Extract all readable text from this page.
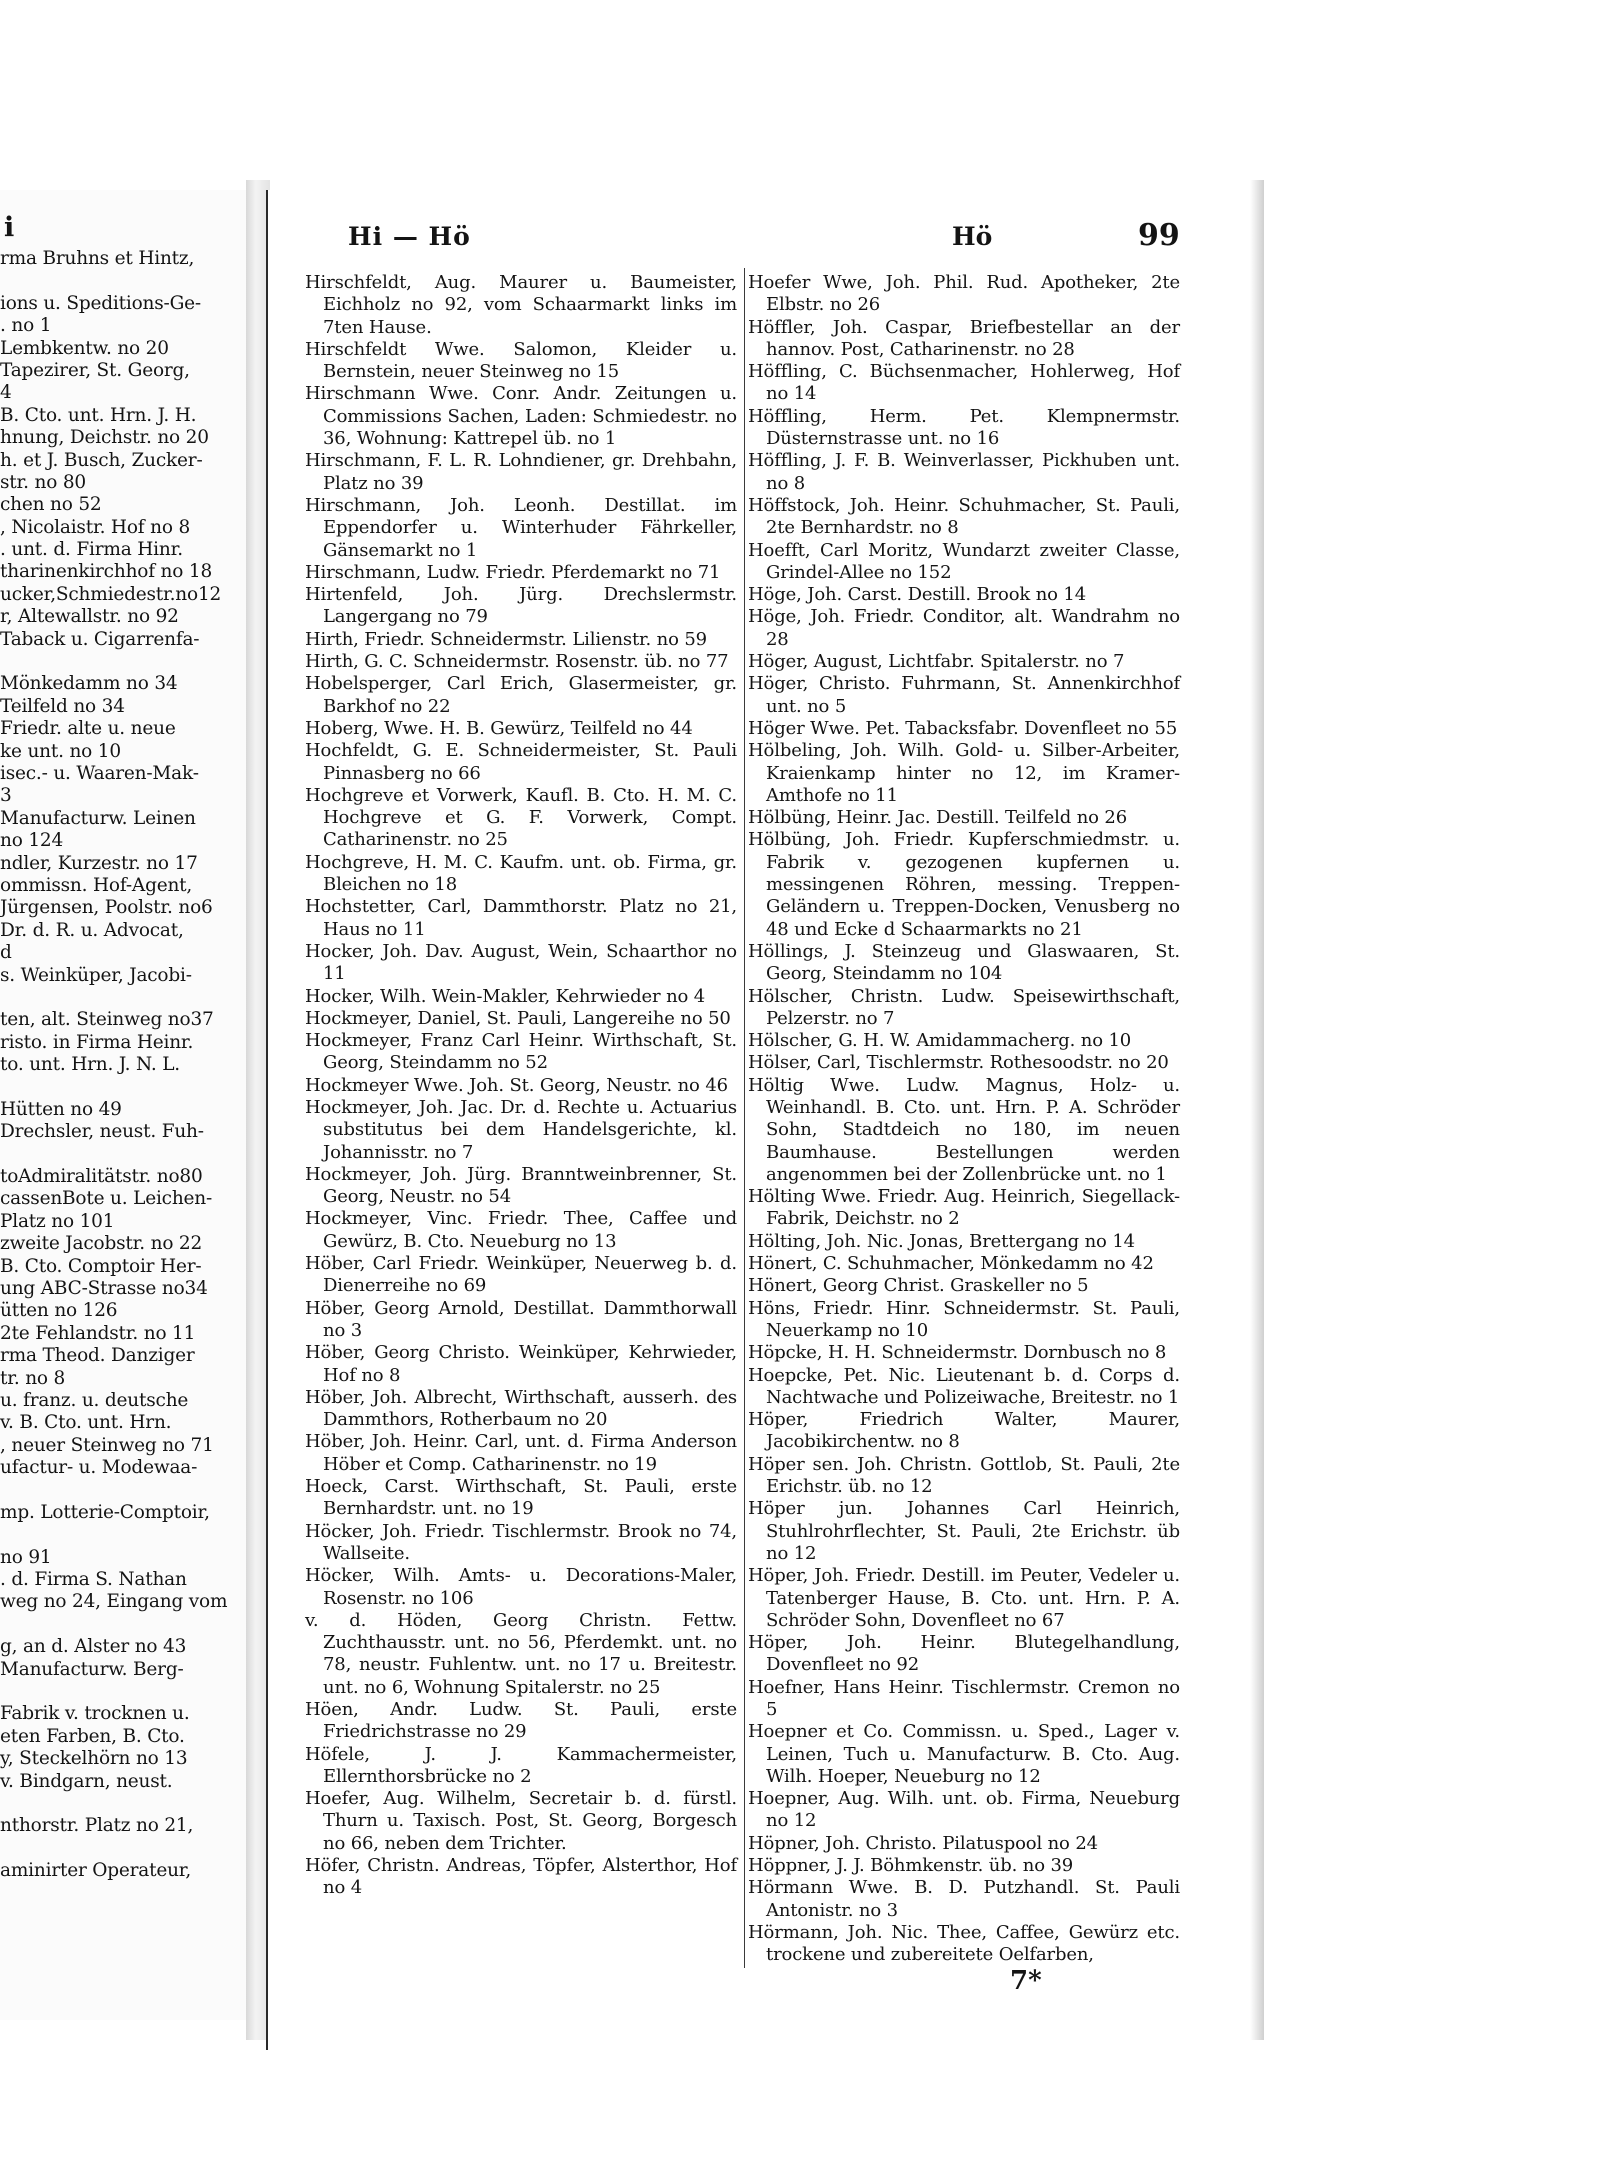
i

rma Bruhns et Hintz,
ions u. Speditions-Ge-
. no 1
Lembkentw. no 20
Tapezirer, St. Georg,
4
B. Cto. unt. Hrn. J. H.
hnung, Deichstr. no 20
h. et J. Busch, Zucker-
str. no 80
chen no 52
, Nicolaistr. Hof no 8
. unt. d. Firma Hinr.
tharinenkirchhof no 18
ucker,Schmiedestr.no12
r, Altewallstr. no 92
Taback u. Cigarrenfa-
Mönkedamm no 34
Teilfeld no 34
Friedr. alte u. neue
ke unt. no 10
isec.- u. Waaren-Mak-
3
Manufacturw. Leinen
no 124
ndler, Kurzestr. no 17
ommissn. Hof-Agent,
Jürgensen, Poolstr. no6
Dr. d. R. u. Advocat,
d
s. Weinküper, Jacobi-
ten, alt. Steinweg no37
risto. in Firma Heinr.
to. unt. Hrn. J. N. L.
Hütten no 49
Drechsler, neust. Fuh-
toAdmiralitätstr. no80
cassenBote u. Leichen-
Platz no 101
zweite Jacobstr. no 22
B. Cto. Comptoir Her-
ung ABC-Strasse no34
ütten no 126
2te Fehlandstr. no 11
rma Theod. Danziger
tr. no 8
u. franz. u. deutsche
v. B. Cto. unt. Hrn.
, neuer Steinweg no 71
ufactur- u. Modewaa-
mp. Lotterie-Comptoir,
no 91
. d. Firma S. Nathan
weg no 24, Eingang vom
g, an d. Alster no 43
Manufacturw. Berg-
Fabrik v. trocknen u.
eten Farben, B. Cto.
y, Steckelhörn no 13
v. Bindgarn, neust.
nthorstr. Platz no 21,
aminirter Operateur,

Hi — Hö	Hö	99

Hirschfeldt, Aug. Maurer u. Baumeister, Eichholz no 92, vom Schaarmarkt links im 7ten Hause.

Hirschfeldt Wwe. Salomon, Kleider u. Bernstein, neuer Steinweg no 15

Hirschmann Wwe. Conr. Andr. Zeitungen u. Commissions Sachen, Laden: Schmiedestr. no 36, Wohnung: Kattrepel üb. no 1

Hirschmann, F. L. R. Lohndiener, gr. Drehbahn, Platz no 39

Hirschmann, Joh. Leonh. Destillat. im Eppendorfer u. Winterhuder Fährkeller, Gänsemarkt no 1

Hirschmann, Ludw. Friedr. Pferdemarkt no 71

Hirtenfeld, Joh. Jürg. Drechslermstr. Langergang no 79

Hirth, Friedr. Schneidermstr. Lilienstr. no 59

Hirth, G. C. Schneidermstr. Rosenstr. üb. no 77

Hobelsperger, Carl Erich, Glasermeister, gr. Barkhof no 22

Hoberg, Wwe. H. B. Gewürz, Teilfeld no 44

Hochfeldt, G. E. Schneidermeister, St. Pauli Pinnasberg no 66

Hochgreve et Vorwerk, Kaufl. B. Cto. H. M. C. Hochgreve et G. F. Vorwerk, Compt. Catharinenstr. no 25

Hochgreve, H. M. C. Kaufm. unt. ob. Firma, gr. Bleichen no 18

Hochstetter, Carl, Dammthorstr. Platz no 21, Haus no 11

Hocker, Joh. Dav. August, Wein, Schaarthor no 11

Hocker, Wilh. Wein-Makler, Kehrwieder no 4

Hockmeyer, Daniel, St. Pauli, Langereihe no 50

Hockmeyer, Franz Carl Heinr. Wirthschaft, St. Georg, Steindamm no 52

Hockmeyer Wwe. Joh. St. Georg, Neustr. no 46

Hockmeyer, Joh. Jac. Dr. d. Rechte u. Actuarius substitutus bei dem Handelsgerichte, kl. Johannisstr. no 7

Hockmeyer, Joh. Jürg. Branntweinbrenner, St. Georg, Neustr. no 54

Hockmeyer, Vinc. Friedr. Thee, Caffee und Gewürz, B. Cto. Neueburg no 13

Höber, Carl Friedr. Weinküper, Neuerweg b. d. Dienerreihe no 69

Höber, Georg Arnold, Destillat. Dammthorwall no 3

Höber, Georg Christo. Weinküper, Kehrwieder, Hof no 8

Höber, Joh. Albrecht, Wirthschaft, ausserh. des Dammthors, Rotherbaum no 20

Höber, Joh. Heinr. Carl, unt. d. Firma Anderson Höber et Comp. Catharinenstr. no 19

Hoeck, Carst. Wirthschaft, St. Pauli, erste Bernhardstr. unt. no 19

Höcker, Joh. Friedr. Tischlermstr. Brook no 74, Wallseite.

Höcker, Wilh. Amts- u. Decorations-Maler, Rosenstr. no 106

v. d. Höden, Georg Christn. Fettw. Zuchthausstr. unt. no 56, Pferdemkt. unt. no 78, neustr. Fuhlentw. unt. no 17 u. Breitestr. unt. no 6, Wohnung Spitalerstr. no 25

Höen, Andr. Ludw. St. Pauli, erste Friedrichstrasse no 29

Höfele, J. J. Kammachermeister, Ellernthorsbrücke no 2

Hoefer, Aug. Wilhelm, Secretair b. d. fürstl. Thurn u. Taxisch. Post, St. Georg, Borgesch no 66, neben dem Trichter.

Höfer, Christn. Andreas, Töpfer, Alsterthor, Hof no 4

Hoefer Wwe, Joh. Phil. Rud. Apotheker, 2te Elbstr. no 26

Höffler, Joh. Caspar, Briefbestellar an der hannov. Post, Catharinenstr. no 28

Höffling, C. Büchsenmacher, Hohlerweg, Hof no 14

Höffling, Herm. Pet. Klempnermstr. Düsternstrasse unt. no 16

Höffling, J. F. B. Weinverlasser, Pickhuben unt. no 8

Höffstock, Joh. Heinr. Schuhmacher, St. Pauli, 2te Bernhardstr. no 8

Hoefft, Carl Moritz, Wundarzt zweiter Classe, Grindel-Allee no 152

Höge, Joh. Carst. Destill. Brook no 14

Höge, Joh. Friedr. Conditor, alt. Wandrahm no 28

Höger, August, Lichtfabr. Spitalerstr. no 7

Höger, Christo. Fuhrmann, St. Annenkirchhof unt. no 5

Höger Wwe. Pet. Tabacksfabr. Dovenfleet no 55

Hölbeling, Joh. Wilh. Gold- u. Silber-Arbeiter, Kraienkamp hinter no 12, im Kramer-Amthofe no 11

Hölbüng, Heinr. Jac. Destill. Teilfeld no 26

Hölbüng, Joh. Friedr. Kupferschmiedmstr. u. Fabrik v. gezogenen kupfernen u. messingenen Röhren, messing. Treppen-Geländern u. Treppen-Docken, Venusberg no 48 und Ecke d Schaarmarkts no 21

Höllings, J. Steinzeug und Glaswaaren, St. Georg, Steindamm no 104

Hölscher, Christn. Ludw. Speisewirthschaft, Pelzerstr. no 7

Hölscher, G. H. W. Amidammacherg. no 10

Hölser, Carl, Tischlermstr. Rothesoodstr. no 20

Höltig Wwe. Ludw. Magnus, Holz- u. Weinhandl. B. Cto. unt. Hrn. P. A. Schröder Sohn, Stadtdeich no 180, im neuen Baumhause. Bestellungen werden angenommen bei der Zollenbrücke unt. no 1

Hölting Wwe. Friedr. Aug. Heinrich, Siegellack-Fabrik, Deichstr. no 2

Hölting, Joh. Nic. Jonas, Brettergang no 14

Hönert, C. Schuhmacher, Mönkedamm no 42

Hönert, Georg Christ. Graskeller no 5

Höns, Friedr. Hinr. Schneidermstr. St. Pauli, Neuerkamp no 10

Höpcke, H. H. Schneidermstr. Dornbusch no 8

Hoepcke, Pet. Nic. Lieutenant b. d. Corps d. Nachtwache und Polizeiwache, Breitestr. no 1

Höper, Friedrich Walter, Maurer, Jacobikirchentw. no 8

Höper sen. Joh. Christn. Gottlob, St. Pauli, 2te Erichstr. üb. no 12

Höper jun. Johannes Carl Heinrich, Stuhlrohrflechter, St. Pauli, 2te Erichstr. üb no 12

Höper, Joh. Friedr. Destill. im Peuter, Vedeler u. Tatenberger Hause, B. Cto. unt. Hrn. P. A. Schröder Sohn, Dovenfleet no 67

Höper, Joh. Heinr. Blutegelhandlung, Dovenfleet no 92

Hoefner, Hans Heinr. Tischlermstr. Cremon no 5

Hoepner et Co. Commissn. u. Sped., Lager v. Leinen, Tuch u. Manufacturw. B. Cto. Aug. Wilh. Hoeper, Neueburg no 12

Hoepner, Aug. Wilh. unt. ob. Firma, Neueburg no 12

Höpner, Joh. Christo. Pilatuspool no 24

Höppner, J. J. Böhmkenstr. üb. no 39

Hörmann Wwe. B. D. Putzhandl. St. Pauli Antonistr. no 3

Hörmann, Joh. Nic. Thee, Caffee, Gewürz etc. trockene und zubereitete Oelfarben,

7*
